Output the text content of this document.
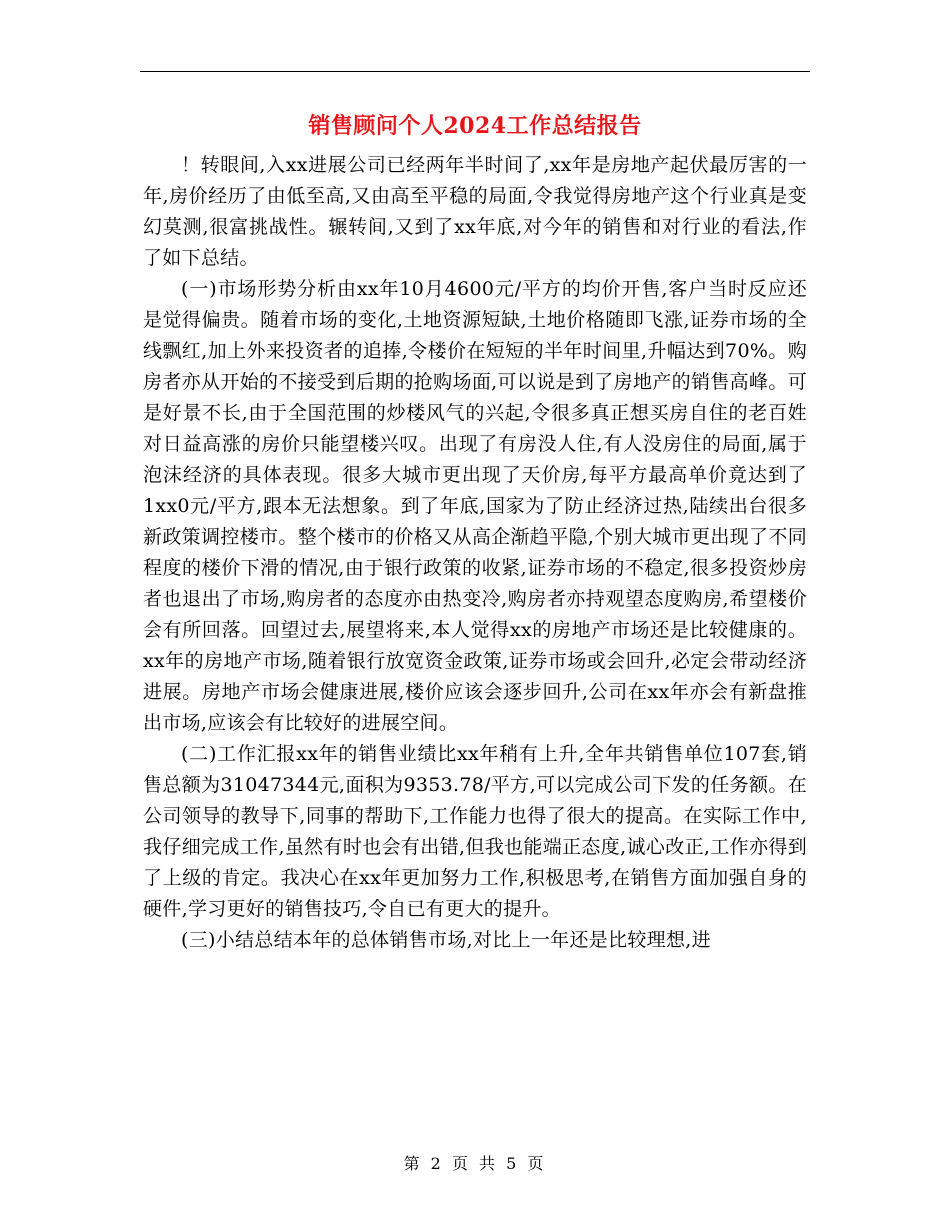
销售顾问个人2024工作总结报告

！转眼间,入xx进展公司已经两年半时间了,xx年是房地产起伏最厉害的一年,房价经历了由低至高,又由高至平稳的局面,令我觉得房地产这个行业真是变幻莫测,很富挑战性。辗转间,又到了xx年底,对今年的销售和对行业的看法,作了如下总结。

(一)市场形势分析由xx年10月4600元/平方的均价开售,客户当时反应还是觉得偏贵。随着市场的变化,土地资源短缺,土地价格随即飞涨,证券市场的全线飘红,加上外来投资者的追捧,令楼价在短短的半年时间里,升幅达到70%。购房者亦从开始的不接受到后期的抢购场面,可以说是到了房地产的销售高峰。可是好景不长,由于全国范围的炒楼风气的兴起,令很多真正想买房自住的老百姓对日益高涨的房价只能望楼兴叹。出现了有房没人住,有人没房住的局面,属于泡沫经济的具体表现。很多大城市更出现了天价房,每平方最高单价竟达到了1xx0元/平方,跟本无法想象。到了年底,国家为了防止经济过热,陆续出台很多新政策调控楼市。整个楼市的价格又从高企渐趋平隐,个别大城市更出现了不同程度的楼价下滑的情况,由于银行政策的收紧,证券市场的不稳定,很多投资炒房者也退出了市场,购房者的态度亦由热变冷,购房者亦持观望态度购房,希望楼价会有所回落。回望过去,展望将来,本人觉得xx的房地产市场还是比较健康的。xx年的房地产市场,随着银行放宽资金政策,证券市场或会回升,必定会带动经济进展。房地产市场会健康进展,楼价应该会逐步回升,公司在xx年亦会有新盘推出市场,应该会有比较好的进展空间。

(二)工作汇报xx年的销售业绩比xx年稍有上升,全年共销售单位107套,销售总额为31047344元,面积为9353.78/平方,可以完成公司下发的任务额。在公司领导的教导下,同事的帮助下,工作能力也得了很大的提高。在实际工作中,我仔细完成工作,虽然有时也会有出错,但我也能端正态度,诚心改正,工作亦得到了上级的肯定。我决心在xx年更加努力工作,积极思考,在销售方面加强自身的硬件,学习更好的销售技巧,令自已有更大的提升。

(三)小结总结本年的总体销售市场,对比上一年还是比较理想,进

第 2 页 共 5 页
